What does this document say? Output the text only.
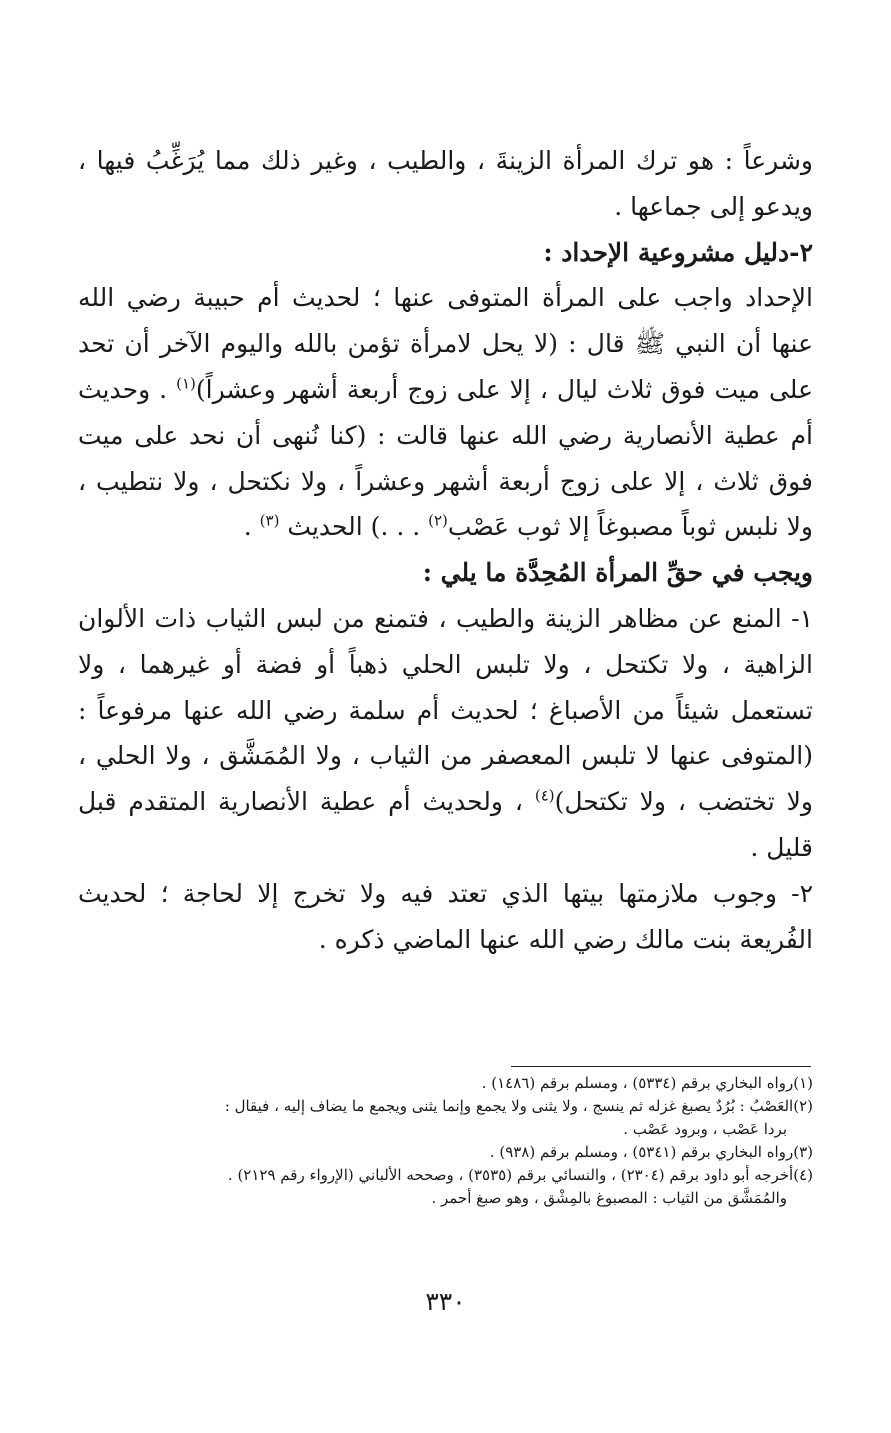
وشرعاً : هو ترك المرأة الزينةَ ، والطيب ، وغير ذلك مما يُرَغِّبُ فيها ، ويدعو إلى جماعها .

٢-دليل مشروعية الإحداد :

الإحداد واجب على المرأة المتوفى عنها ؛ لحديث أم حبيبة رضي الله عنها أن النبي ﷺ قال : (لا يحل لامرأة تؤمن بالله واليوم الآخر أن تحد على ميت فوق ثلاث ليال ، إلا على زوج أربعة أشهر وعشراً)$^{(١)}$ . وحديث أم عطية الأنصارية رضي الله عنها قالت : (كنا نُنهى أن نحد على ميت فوق ثلاث ، إلا على زوج أربعة أشهر وعشراً ، ولا نكتحل ، ولا نتطيب ، ولا نلبس ثوباً مصبوغاً إلا ثوب عَصْب$^{(٢)}$ . . .) الحديث $^{(٣)}$ .

ويجب في حقِّ المرأة المُحِدَّة ما يلي :

١- المنع عن مظاهر الزينة والطيب ، فتمنع من لبس الثياب ذات الألوان الزاهية ، ولا تكتحل ، ولا تلبس الحلي ذهباً أو فضة أو غيرهما ، ولا تستعمل شيئاً من الأصباغ ؛ لحديث أم سلمة رضي الله عنها مرفوعاً : (المتوفى عنها لا تلبس المعصفر من الثياب ، ولا المُمَشَّق ، ولا الحلي ، ولا تختضب ، ولا تكتحل)$^{(٤)}$ ، ولحديث أم عطية الأنصارية المتقدم قبل قليل .

٢- وجوب ملازمتها بيتها الذي تعتد فيه ولا تخرج إلا لحاجة ؛ لحديث الفُريعة بنت مالك رضي الله عنها الماضي ذكره .

(١)رواه البخاري برقم (٥٣٣٤) ، ومسلم برقم (١٤٨٦) .

(٢)العَصْبُ : بُرُدٌ يصبغ غزله ثم ينسج ، ولا يثنى ولا يجمع وإنما يثنى ويجمع ما يضاف إليه ، فيقال :
بردا عَصْب ، وبرود عَصْب .

(٣)رواه البخاري برقم (٥٣٤١) ، ومسلم برقم (٩٣٨) .

(٤)أخرجه أبو داود برقم (٢٣٠٤) ، والنسائي برقم (٣٥٣٥) ، وصححه الألباني (الإرواء رقم ٢١٢٩) .
والمُمَشَّق من الثياب : المصبوغ بالمِشْق ، وهو صبغ أحمر .

٣٣٠
